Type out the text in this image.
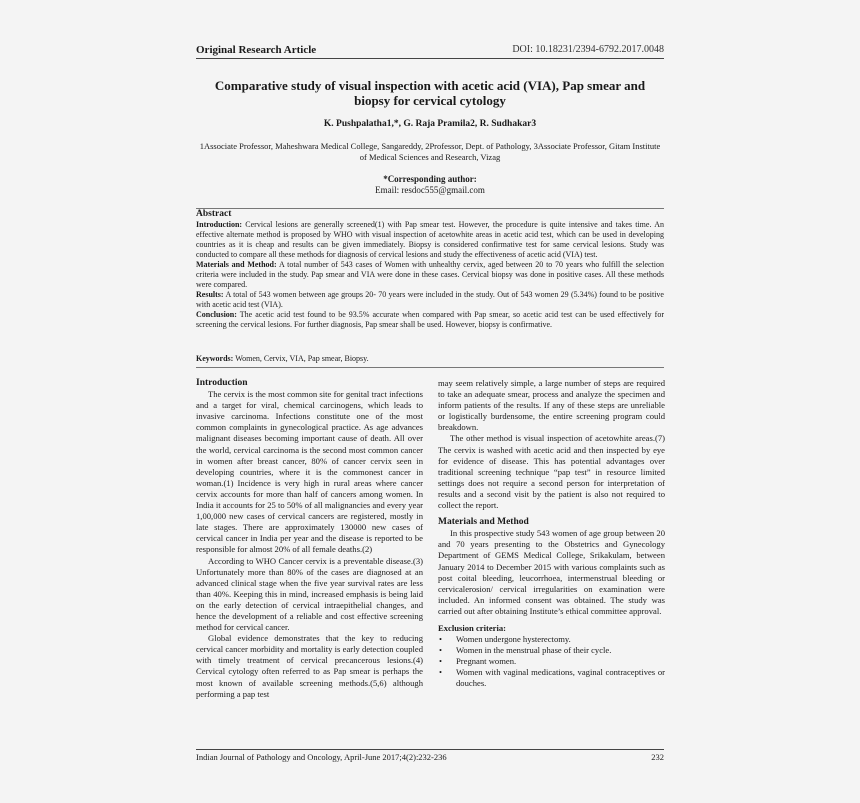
Original Research Article	DOI: 10.18231/2394-6792.2017.0048
Comparative study of visual inspection with acetic acid (VIA), Pap smear and biopsy for cervical cytology
K. Pushpalatha1,*, G. Raja Pramila2, R. Sudhakar3
1Associate Professor, Maheshwara Medical College, Sangareddy, 2Professor, Dept. of Pathology, 3Associate Professor, Gitam Institute of Medical Sciences and Research, Vizag
*Corresponding author:
Email: resdoc555@gmail.com
Abstract

Introduction: Cervical lesions are generally screened(1) with Pap smear test. However, the procedure is quite intensive and takes time. An effective alternate method is proposed by WHO with visual inspection of acetowhite areas in acetic acid test, which can be used in developing countries as it is cheap and results can be given immediately. Biopsy is considered confirmative test for same cervical lesions. Study was conducted to compare all these methods for diagnosis of cervical lesions and study the effectiveness of acetic acid (VIA) test.

Materials and Method: A total number of 543 cases of Women with unhealthy cervix, aged between 20 to 70 years who fulfill the selection criteria were included in the study. Pap smear and VIA were done in these cases. Cervical biopsy was done in positive cases. All these methods were compared.

Results: A total of 543 women between age groups 20- 70 years were included in the study. Out of 543 women 29 (5.34%) found to be positive with acetic acid test (VIA).

Conclusion: The acetic acid test found to be 93.5% accurate when compared with Pap smear, so acetic acid test can be used effectively for screening the cervical lesions. For further diagnosis, Pap smear shall be used. However, biopsy is confirmative.

Keywords: Women, Cervix, VIA, Pap smear, Biopsy.
Introduction

The cervix is the most common site for genital tract infections and a target for viral, chemical carcinogens, which leads to invasive carcinoma. Infections constitute one of the most common complaints in gynecological practice. As age advances malignant diseases becoming important cause of death. All over the world, cervical carcinoma is the second most common cancer in women after breast cancer, 80% of cancer cervix seen in developing countries, where it is the commonest cancer in woman.(1) Incidence is very high in rural areas where cancer cervix accounts for more than half of cancers among women. In India it accounts for 25 to 50% of all malignancies and every year 1,00,000 new cases of cervical cancers are registered, mostly in late stages. There are approximately 130000 new cases of cervical cancer in India per year and the disease is reported to be responsible for almost 20% of all female deaths.(2)

According to WHO Cancer cervix is a preventable disease.(3) Unfortunately more than 80% of the cases are diagnosed at an advanced clinical stage when the five year survival rates are less than 40%. Keeping this in mind, increased emphasis is being laid on the early detection of cervical intraepithelial changes, and hence the development of a reliable and cost effective screening method for cervical cancer.

Global evidence demonstrates that the key to reducing cervical cancer morbidity and mortality is early detection coupled with timely treatment of cervical precancerous lesions.(4) Cervical cytology often referred to as Pap smear is perhaps the most known of available screening methods.(5,6) although performing a pap test

may seem relatively simple, a large number of steps are required to take an adequate smear, process and analyze the specimen and inform patients of the results. If any of these steps are unreliable or logistically burdensome, the entire screening program could breakdown.

The other method is visual inspection of acetowhite areas.(7) The cervix is washed with acetic acid and then inspected by eye for evidence of disease. This has potential advantages over traditional screening technique “pap test” in resource limited settings does not require a second person for interpretation of results and a second visit by the patient is also not required to collect the report.

Materials and Method

In this prospective study 543 women of age group between 20 and 70 years presenting to the Obstetrics and Gynecology Department of GEMS Medical College, Srikakulam, between January 2014 to December 2015 with various complaints such as post coital bleeding, leucorrhoea, intermenstrual bleeding or cervicalerosion/ cervical irregularities on examination were included. An informed consent was obtained. The study was carried out after obtaining Institute’s ethical committee approval.

Exclusion criteria:
• Women undergone hysterectomy.
• Women in the menstrual phase of their cycle.
• Pregnant women.
• Women with vaginal medications, vaginal contraceptives or douches.
Indian Journal of Pathology and Oncology, April-June 2017;4(2):232-236	232
